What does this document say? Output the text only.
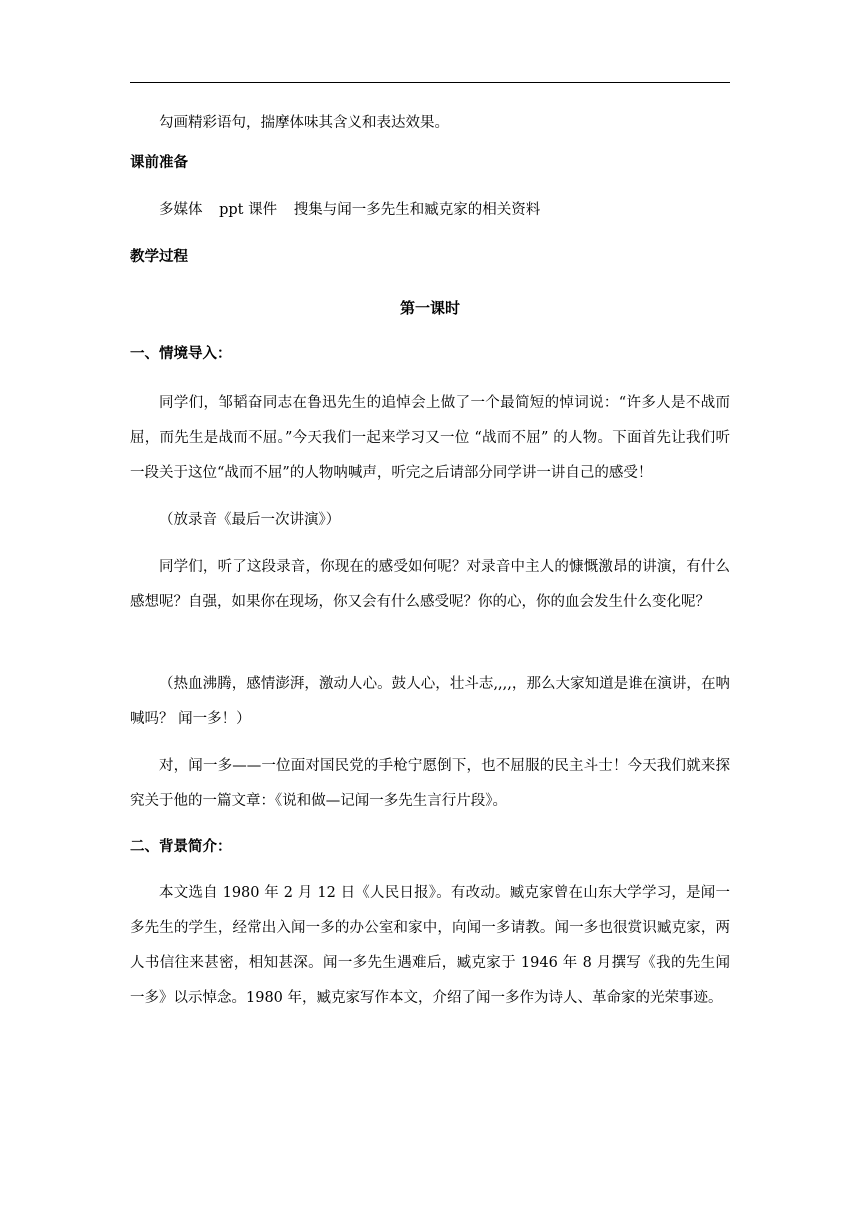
勾画精彩语句，揣摩体味其含义和表达效果。
课前准备
多媒体 ppt 课件 搜集与闻一多先生和臧克家的相关资料
教学过程
第一课时
一、情境导入：
同学们，邹韬奋同志在鲁迅先生的追悼会上做了一个最简短的悼词说：“许多人是不战而屈，而先生是战而不屈。”今天我们一起来学习又一位 “战而不屈” 的人物。下面首先让我们听一段关于这位“战而不屈”的人物呐喊声，听完之后请部分同学讲一讲自己的感受！
（放录音《最后一次讲演》）
同学们，听了这段录音，你现在的感受如何呢？对录音中主人的慷慨激昂的讲演，有什么感想呢？自强，如果你在现场，你又会有什么感受呢？你的心，你的血会发生什么变化呢？
（热血沸腾，感情澎湃，激动人心。鼓人心，壮斗志,,,,，那么大家知道是谁在演讲，在呐喊吗？ 闻一多！）
对，闻一多——一位面对国民党的手枪宁愿倒下，也不屈服的民主斗士！今天我们就来探究关于他的一篇文章：《说和做—记闻一多先生言行片段》。
二、背景简介：
本文选自 1980 年 2 月 12 日《人民日报》。有改动。臧克家曾在山东大学学习，是闻一多先生的学生，经常出入闻一多的办公室和家中，向闻一多请教。闻一多也很赏识臧克家，两人书信往来甚密，相知甚深。闻一多先生遇难后，臧克家于 1946 年 8 月撰写《我的先生闻一多》以示悼念。1980 年，臧克家写作本文，介绍了闻一多作为诗人、革命家的光荣事迹。
